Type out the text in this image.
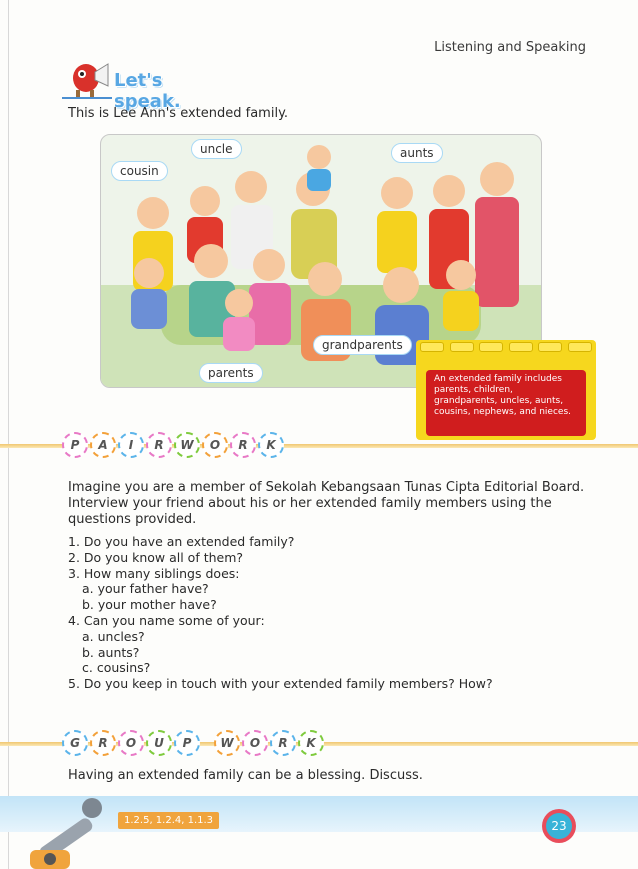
Listening and Speaking
Let's speak.
This is Lee Ann's extended family.
cousin
uncle	aunts
grandparents
parents	An extended family includes parents, children, grandparents, uncles, aunts, cousins, nephews, and nieces.
P	A	I	R	W	O	R	K
Imagine you are a member of Sekolah Kebangsaan Tunas Cipta Editorial Board. Interview your friend about his or her extended family members using the questions provided.
1. Do you have an extended family?
2. Do you know all of them?
3. How many siblings does:
a. your father have?
b. your mother have?
4. Can you name some of your:
a. uncles?
b. aunts?
c. cousins?
5. Do you keep in touch with your extended family members? How?
G	R	O	U	P	W	O	R	K
Having an extended family can be a blessing. Discuss.
1.2.5, 1.2.4, 1.1.3	23
